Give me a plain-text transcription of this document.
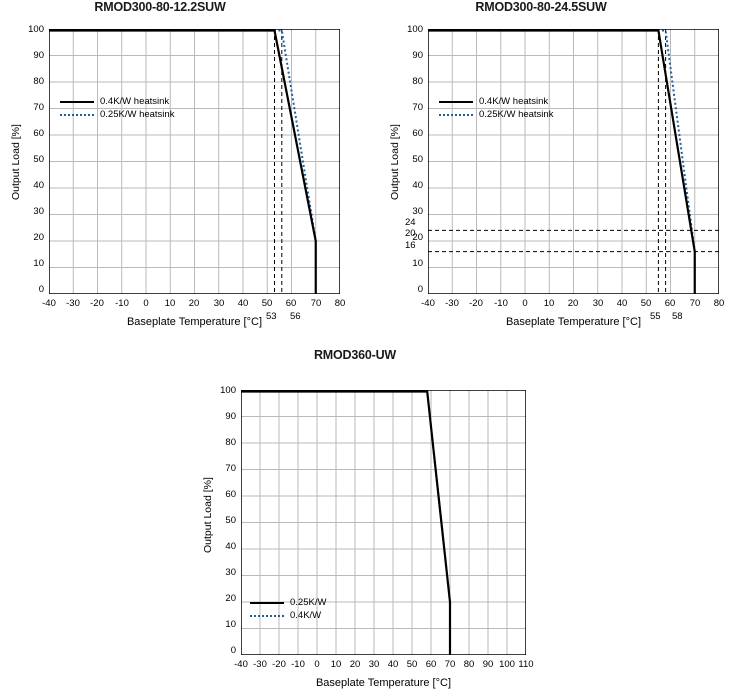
RMOD300-80-12.2SUW
Output Load [%]
100
90
80
70
60
50
40
30
20
10
0
0.4K/W heatsink
0.25K/W heatsink
-40	-30	-20	-10	0	10	20	30	40	50	60	70	80
53 56
Baseplate Temperature [°C]
RMOD300-80-24.5SUW
Output Load [%]
100
90
80
70
60
50
40
30
20
10
0
24
20
16
0.4K/W heatsink
0.25K/W heatsink
-40	-30	-20	-10	0	10	20	30	40	50	60	70	80
55 58
Baseplate Temperature [°C]
RMOD360-UW
Output Load [%]
100
90
80
70
60
50
40
30
20
10
0
0.25K/W
0.4K/W
-40 -30 -20 -10 0	10 20 30 40 50 60 70 80 90 100 110
Baseplate Temperature [°C]
